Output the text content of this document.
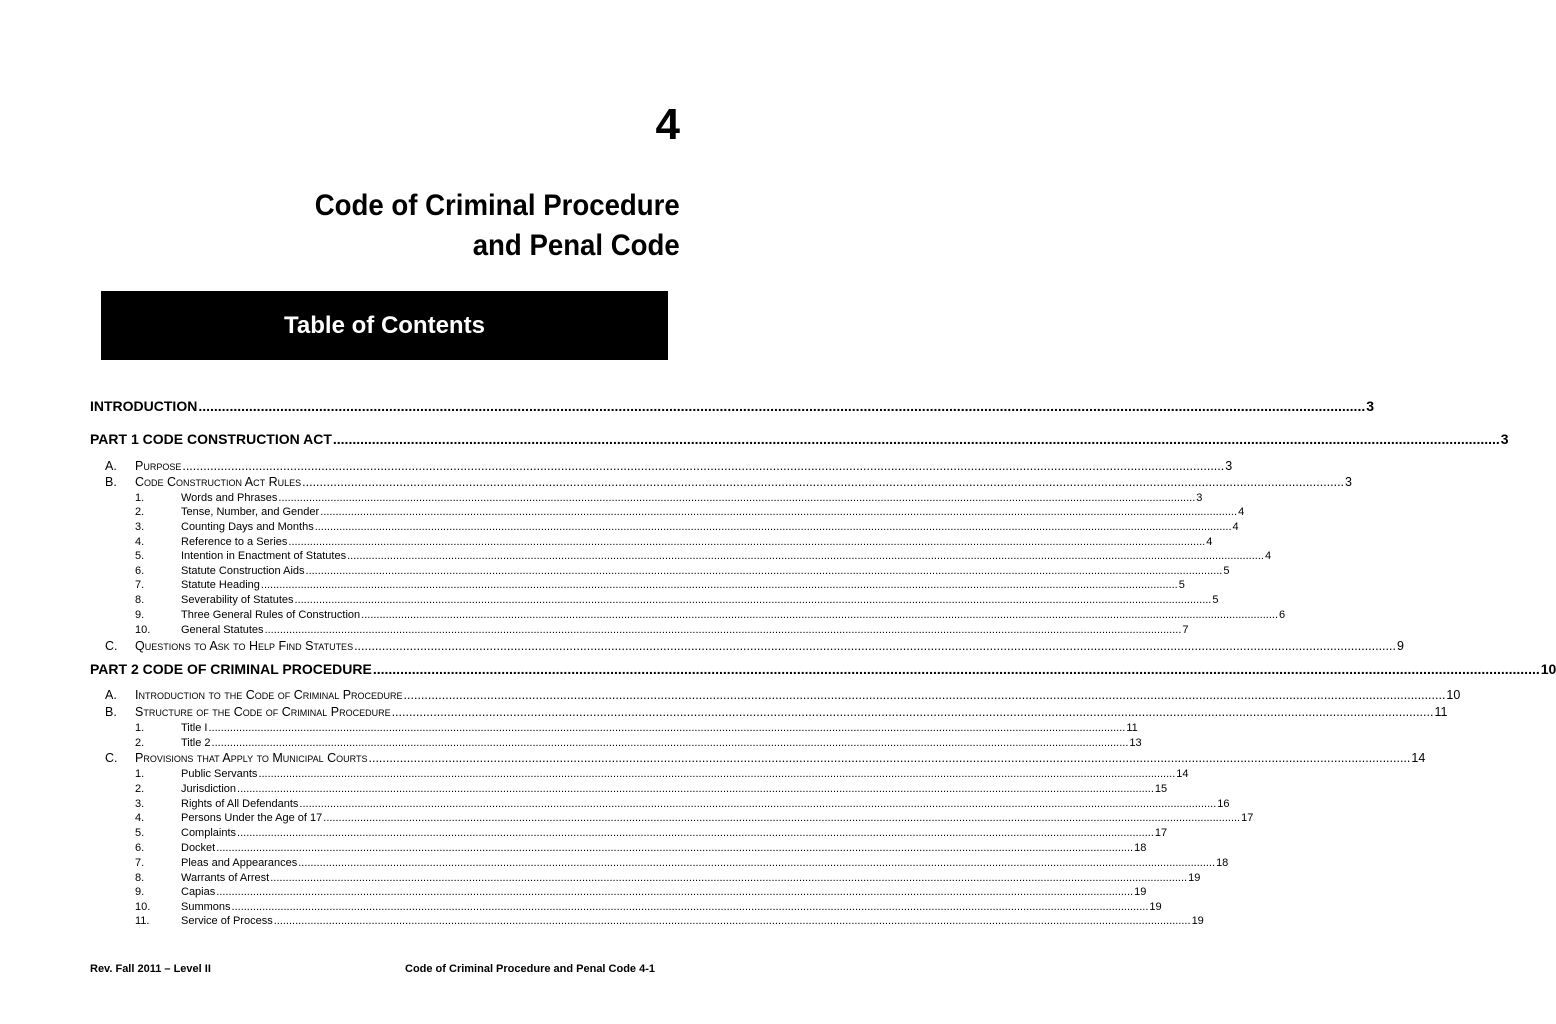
4
Code of Criminal Procedure
and Penal Code
Table of Contents
INTRODUCTION ............................................................................................................................................................................................................................................................................................................ 3
PART 1 CODE CONSTRUCTION ACT ............................................................................................................................................................................................................................................................................................................ 3
A. Purpose ............................................................................................................................................................................................................................................................................................................ 3
B. Code Construction Act Rules ............................................................................................................................................................................................................................................................................................................ 3
1.	Words and Phrases ............................................................................................................................................................................................................................................................................................................ 3
2.	Tense, Number, and Gender ............................................................................................................................................................................................................................................................................................................ 4
3.	Counting Days and Months ............................................................................................................................................................................................................................................................................................................ 4
4.	Reference to a Series ............................................................................................................................................................................................................................................................................................................ 4
5.	Intention in Enactment of Statutes ............................................................................................................................................................................................................................................................................................................ 4
6.	Statute Construction Aids ............................................................................................................................................................................................................................................................................................................ 5
7.	Statute Heading ............................................................................................................................................................................................................................................................................................................ 5
8.	Severability of Statutes ............................................................................................................................................................................................................................................................................................................ 5
9.	Three General Rules of Construction ............................................................................................................................................................................................................................................................................................................ 6
10.	General Statutes ............................................................................................................................................................................................................................................................................................................ 7
C. Questions to Ask to Help Find Statutes ............................................................................................................................................................................................................................................................................................................ 9
PART 2 CODE OF CRIMINAL PROCEDURE ............................................................................................................................................................................................................................................................................................................ 10
A. Introduction to the Code of Criminal Procedure ............................................................................................................................................................................................................................................................................................................ 10
B. Structure of the Code of Criminal Procedure ............................................................................................................................................................................................................................................................................................................ 11
1.	Title I ............................................................................................................................................................................................................................................................................................................ 11
2.	Title 2 ............................................................................................................................................................................................................................................................................................................ 13
C. Provisions that Apply to Municipal Courts ............................................................................................................................................................................................................................................................................................................ 14
1.	Public Servants ............................................................................................................................................................................................................................................................................................................ 14
2.	Jurisdiction ............................................................................................................................................................................................................................................................................................................ 15
3.	Rights of All Defendants ............................................................................................................................................................................................................................................................................................................ 16
4.	Persons Under the Age of 17 ............................................................................................................................................................................................................................................................................................................ 17
5.	Complaints ............................................................................................................................................................................................................................................................................................................ 17
6.	Docket ............................................................................................................................................................................................................................................................................................................ 18
7.	Pleas and Appearances ............................................................................................................................................................................................................................................................................................................ 18
8.	Warrants of Arrest ............................................................................................................................................................................................................................................................................................................ 19
9.	Capias ............................................................................................................................................................................................................................................................................................................ 19
10.	Summons ............................................................................................................................................................................................................................................................................................................ 19
11.	Service of Process ............................................................................................................................................................................................................................................................................................................ 19
Rev. Fall 2011 – Level II	Code of Criminal Procedure and Penal Code 4-1
